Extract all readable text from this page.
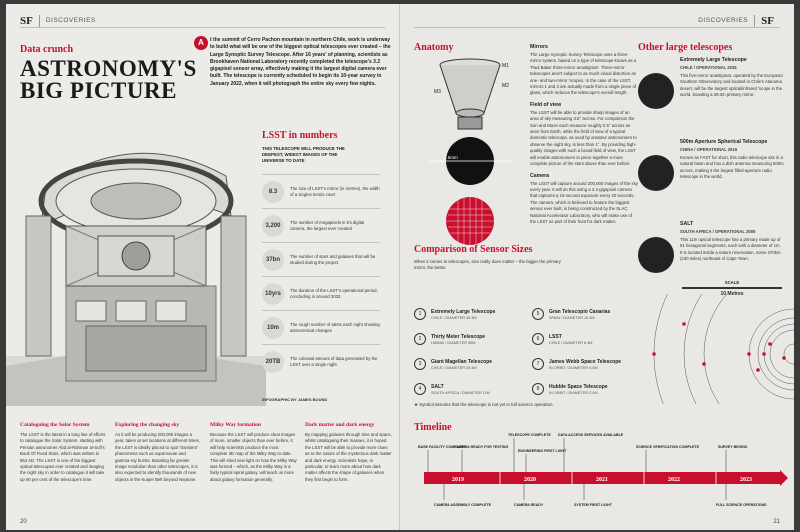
SF	DISCOVERIES
Data crunch
ASTRONOMY'S
BIG PICTURE
A	t the summit of Cerro Pachon mountain in northern Chile, work is underway to build what will be one of the biggest optical telescopes ever created – the Large Synoptic Survey Telescope. After 16 years' of planning, scientists as Brookhaven National Laboratory recently completed the telescope's 3.2 gigapixel sensor array, effectively making it the largest digital camera ever built. The telescope is currently scheduled to begin its 10-year survey in January 2022, when it will photograph the entire sky every few nights.
LSST in numbers
THIS TELESCOPE WILL PRODUCE THE DEEPEST, WIDEST IMAGES OF THE UNIVERSE TO DATE
8.3
The size of LSST's mirror (in metres), the width of a singles tennis court
3,200
The number of megapixels in it's digital camera, the largest ever created
37bn
The number of stars and galaxies that will be studied during the project
10yrs
The duration of the LSST's operational period, concluding in around 2033
10m
The rough number of alerts each night showing astronomical changes
20TB
The colossal amount of data generated by the LSST over a single night
INFOGRAPHIC BY JAMES BOUND
Cataloguing the Solar System

The LSST is the latest in a long line of efforts to catalogue the Solar System, starting with Persian astronomer Abd al-Rahman al-Sufi's Book Of Fixed Stars, which was written in 964 AD. The LSST is one of the biggest optical telescopes ever created and imaging the night sky in order to catalogue it will take up 90 per cent of the telescope's time.

Exploring the changing sky

As it will be producing 200,000 images a year, taken at set locations at different times, the LSST is ideally placed to spot 'transient' phenomena such as supernovae and gamma-ray bursts. Boasting far greater image resolution than other telescopes, it is also expected to identify thousands of new objects in the Kuiper Belt beyond Neptune.

Milky Way formation

Because the LSST will produce clear images of more, smaller objects than ever before, it will help scientists produce the most complete 3D map of the Milky Way to date. This will shed new light on how the Milky Way was formed – which, as the Milky Way is a fairly typical spiral galaxy, will teach us more about galaxy formation generally.

Dark matter and dark energy

By mapping galaxies through time and space, whilst cataloguing their masses, it is hoped the LSST will be able to provide more clues as to the nature of the mysterious dark matter and dark energy. Scientists hope, in particular, to learn more about how dark matter affects the shape of galaxies when they first begin to form.

20
DISCOVERIES	SF
Anatomy
M1
M2
M3
3.5mm
Mirrors
The Large Synoptic Survey Telescope uses a three-mirror system, based on a type of telescope known as a 'Paul Baker three-mirror anastigmat'. Three-mirror telescopes aren't subject to as much visual distortion as one- and two-mirror 'scopes. In the case of the LSST, mirrors 1 and 3 are actually made from a single piece of glass, which reduces the telescope's overall length.
Field of view
The LSST will be able to provide sharp images of an area of sky measuring 3.5° across. For comparison the Sun and Moon each measure roughly 0.5° across as seen from Earth, while the field of view of a typical domestic telescope, as used by amateur astronomers to observe the night sky, is less than 1°. By providing high-quality images with such a broad field of view, the LSST will enable astronomers to piece together a more complete picture of the stars above than ever before.
Camera
The LSST will capture around 200,000 images of the sky every year. It will do this using a 3.2-gigapixel camera that captures a 15-second exposure every 20 seconds. The camera, which is believed to feature the biggest sensor ever built, is being constructed by the SLAC National Accelerator Laboratory, who will make use of the LSST as part of their hunt for dark matter.
Other large telescopes
Extremely Large Telescope
CHILE / OPERATIONAL 2025
This five-mirror anastigmat, operated by the European Southern Observatory and located in Chile's Atacama desert, will be the largest optical/infrared 'scope in the world, boasting a 39.3m primary mirror.
500m Aperture Spherical Telescope
CHINA / OPERATIONAL 2016
Known as FAST for short, this radio telescope sits in a natural basin and has a dish antenna measuring 500m across, making it the largest filled-aperture radio telescope in the world.
SALT
SOUTH AFRICA / OPERATIONAL 2005
This 11m optical telescope has a primary made up of 91 hexagonal segments, each with a diameter of 1m. It is located inside a nature reservation, some 370km (230 miles) northeast of Cape Town.
Comparison of Sensor Sizes
When it comes to telescopes, size really does matter – the bigger the primary mirror, the better.
1	Extremely Large Telescope
CHILE / DIAMETER 39.3M
5	Gran Telescopio Canarias
SPAIN / DIAMETER 10.4M
2	Thirty Meter Telescope
HAWAII / DIAMETER 30M
6	LSST
CHILE / DIAMETER 8.4M
3	Giant Magellan Telescope
CHILE / DIAMETER 25.4M
7	James Webb Space Telescope
IN ORBIT / DIAMETER 6.5M
4	SALT
SOUTH AFRICA / DIAMETER 11M
8	Hubble Space Telescope
IN ORBIT / DIAMETER 2.4M
★ Symbol denotes that the telescope is not yet in full science operation.
SCALE
10 Metres
Timeline
2019	2020	2021	2022	2023
BASE FACILITY COMPLETE
CAMERA READY FOR TESTING
TELESCOPE COMPLETE
ENGINEERING FIRST LIGHT
DATA ACCESS SERVICES AVAILABLE
SCIENCE VERIFICATION COMPLETE	SURVEY BEGINS
CAMERA ASSEMBLY COMPLETE	CAMERA READY	SYSTEM FIRST LIGHT	FULL SCIENCE OPERATIONS
21
